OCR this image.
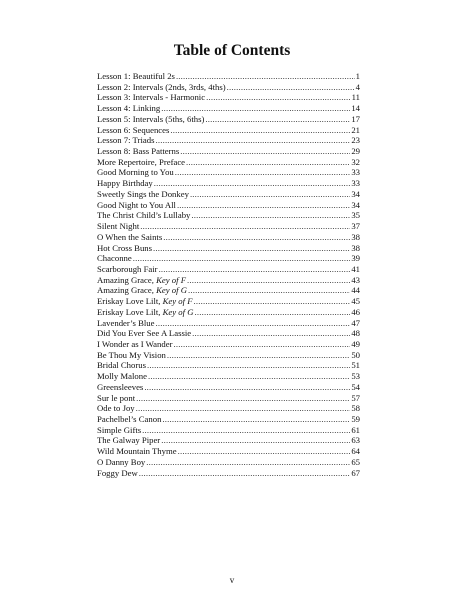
Table of Contents
Lesson 1: Beautiful 2s .....	1
Lesson 2: Intervals (2nds, 3rds, 4ths) .....	4
Lesson 3: Intervals - Harmonic .....	11
Lesson 4: Linking .....	14
Lesson 5: Intervals (5ths, 6ths) .....	17
Lesson 6: Sequences .....	21
Lesson 7: Triads .....	23
Lesson 8: Bass Patterns .....	29
More Repertoire, Preface .....	32
Good Morning to You .....	33
Happy Birthday .....	33
Sweetly Sings the Donkey .....	34
Good Night to You All .....	34
The Christ Child’s Lullaby .....	35
Silent Night .....	37
O When the Saints .....	38
Hot Cross Buns .....	38
Chaconne .....	39
Scarborough Fair .....	41
Amazing Grace, Key of F .....	43
Amazing Grace, Key of G .....	44
Eriskay Love Lilt, Key of F .....	45
Eriskay Love Lilt, Key of G .....	46
Lavender’s Blue .....	47
Did You Ever See A Lassie .....	48
I Wonder as I Wander .....	49
Be Thou My Vision .....	50
Bridal Chorus .....	51
Molly Malone .....	53
Greensleeves .....	54
Sur le pont .....	57
Ode to Joy .....	58
Pachelbel’s Canon .....	59
Simple Gifts .....	61
The Galway Piper .....	63
Wild Mountain Thyme .....	64
O Danny Boy .....	65
Foggy Dew .....	67
v
